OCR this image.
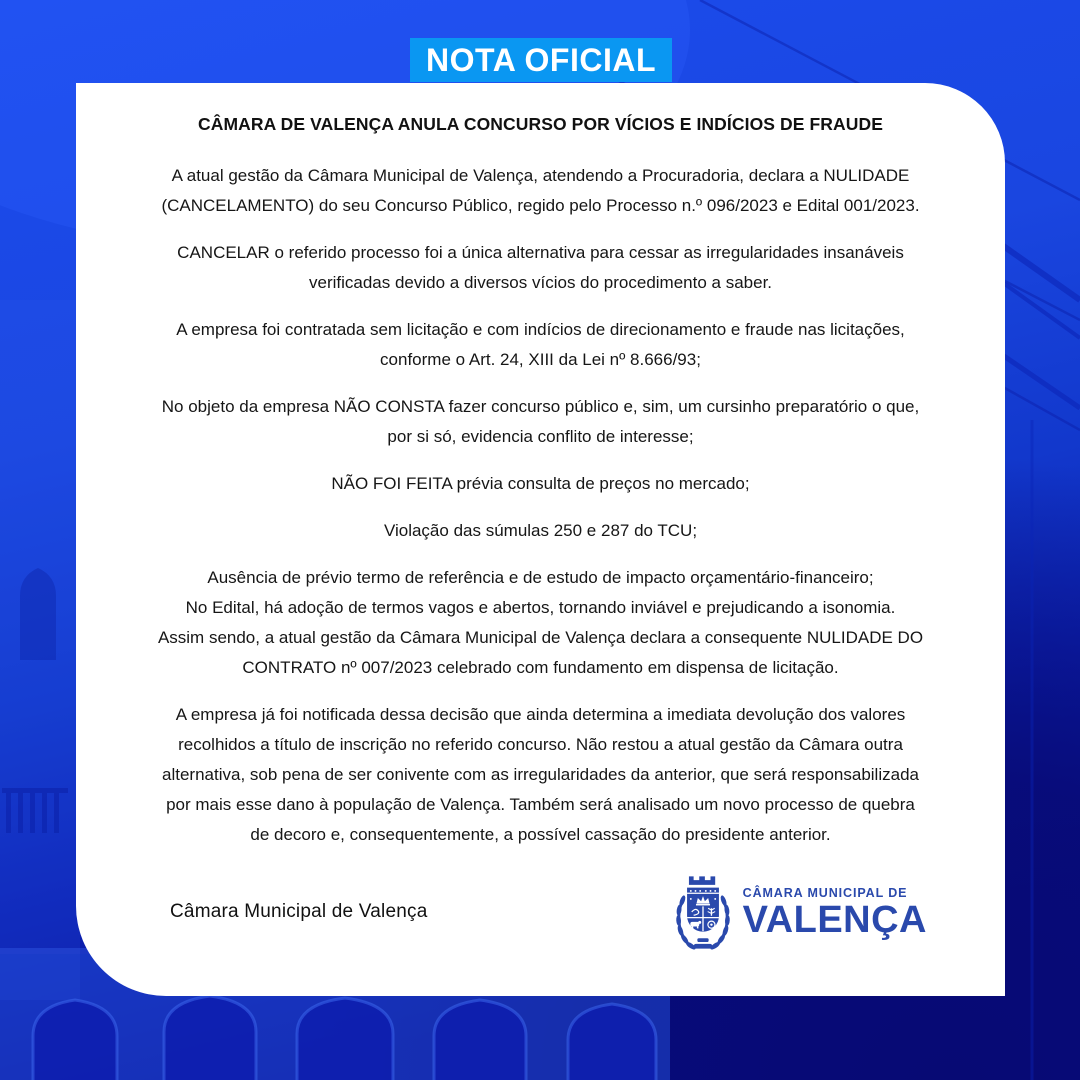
NOTA OFICIAL
CÂMARA DE VALENÇA ANULA CONCURSO POR VÍCIOS E INDÍCIOS DE FRAUDE

A atual gestão da Câmara Municipal de Valença, atendendo a Procuradoria, declara a NULIDADE

(CANCELAMENTO) do seu Concurso Público, regido pelo Processo n.º 096/2023 e Edital 001/2023.

CANCELAR o referido processo foi a única alternativa para cessar as irregularidades insanáveis

verificadas devido a diversos vícios do procedimento a saber.

A empresa foi contratada sem licitação e com indícios de direcionamento e fraude nas licitações,

conforme o Art. 24, XIII da Lei nº 8.666/93;

No objeto da empresa NÃO CONSTA fazer concurso público e, sim, um cursinho preparatório o que,

por si só, evidencia conflito de interesse;

NÃO FOI FEITA prévia consulta de preços no mercado;

Violação das súmulas 250 e 287 do TCU;

Ausência de prévio termo de referência e de estudo de impacto orçamentário-financeiro;

No Edital, há adoção de termos vagos e abertos, tornando inviável e prejudicando a isonomia.

Assim sendo, a atual gestão da Câmara Municipal de Valença declara a consequente NULIDADE DO

CONTRATO nº 007/2023 celebrado com fundamento em dispensa de licitação.

A empresa já foi notificada dessa decisão que ainda determina a imediata devolução dos valores

recolhidos a título de inscrição no referido concurso. Não restou a atual gestão da Câmara outra

alternativa, sob pena de ser conivente com as irregularidades da anterior, que será responsabilizada

por mais esse dano à população de Valença. Também será analisado um novo processo de quebra

de decoro e, consequentemente, a possível cassação do presidente anterior.

Câmara Municipal de Valença
CÂMARA MUNICIPAL DE
VALENÇA
